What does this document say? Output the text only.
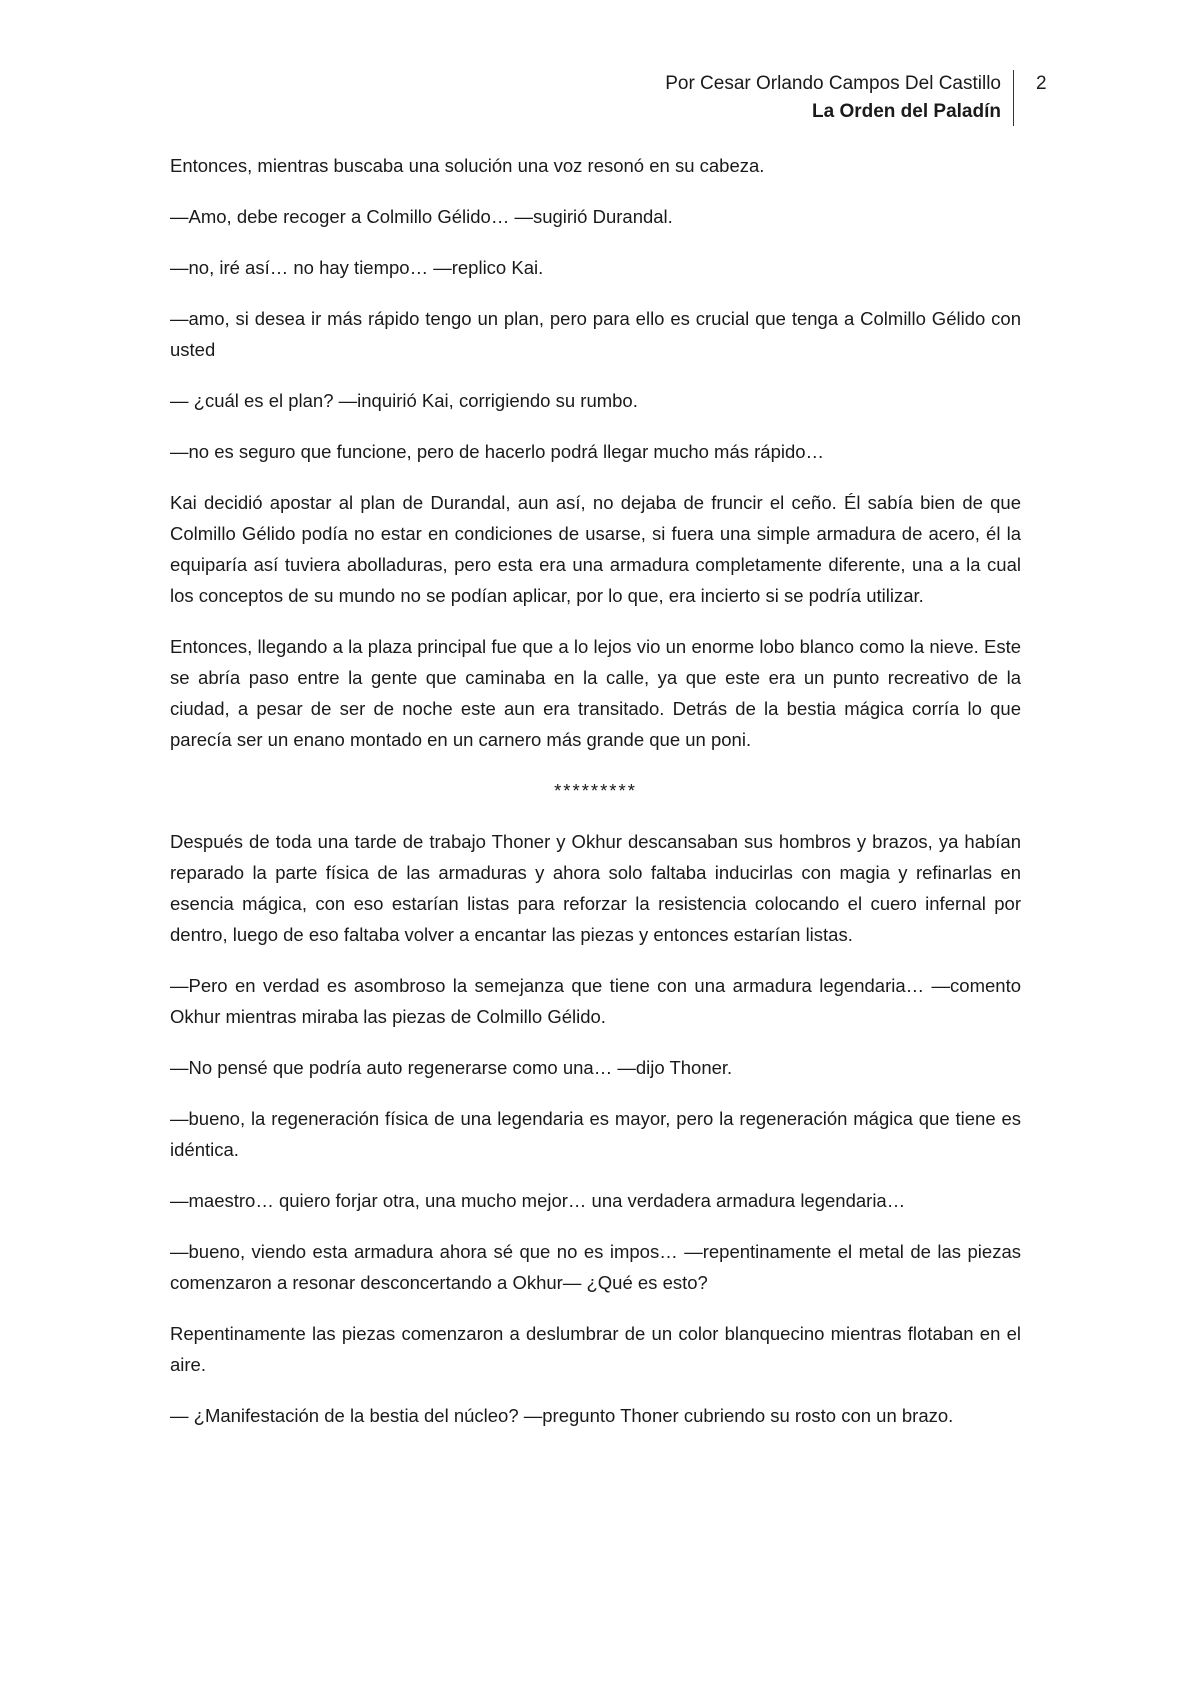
Por Cesar Orlando Campos Del Castillo
La Orden del Paladín
2

Entonces, mientras buscaba una solución una voz resonó en su cabeza.

—Amo, debe recoger a Colmillo Gélido… —sugirió Durandal.

—no, iré así… no hay tiempo… —replico Kai.

—amo, si desea ir más rápido tengo un plan, pero para ello es crucial que tenga a Colmillo Gélido con usted

— ¿cuál es el plan? —inquirió Kai, corrigiendo su rumbo.

—no es seguro que funcione, pero de hacerlo podrá llegar mucho más rápido…

Kai decidió apostar al plan de Durandal, aun así, no dejaba de fruncir el ceño. Él sabía bien de que Colmillo Gélido podía no estar en condiciones de usarse, si fuera una simple armadura de acero, él la equiparía así tuviera abolladuras, pero esta era una armadura completamente diferente, una a la cual los conceptos de su mundo no se podían aplicar, por lo que, era incierto si se podría utilizar.

Entonces, llegando a la plaza principal fue que a lo lejos vio un enorme lobo blanco como la nieve. Este se abría paso entre la gente que caminaba en la calle, ya que este era un punto recreativo de la ciudad, a pesar de ser de noche este aun era transitado. Detrás de la bestia mágica corría lo que parecía ser un enano montado en un carnero más grande que un poni.

*********

Después de toda una tarde de trabajo Thoner y Okhur descansaban sus hombros y brazos, ya habían reparado la parte física de las armaduras y ahora solo faltaba inducirlas con magia y refinarlas en esencia mágica, con eso estarían listas para reforzar la resistencia colocando el cuero infernal por dentro, luego de eso faltaba volver a encantar las piezas y entonces estarían listas.

—Pero en verdad es asombroso la semejanza que tiene con una armadura legendaria… —comento Okhur mientras miraba las piezas de Colmillo Gélido.

—No pensé que podría auto regenerarse como una… —dijo Thoner.

—bueno, la regeneración física de una legendaria es mayor, pero la regeneración mágica que tiene es idéntica.

—maestro… quiero forjar otra, una mucho mejor… una verdadera armadura legendaria…

—bueno, viendo esta armadura ahora sé que no es impos… —repentinamente el metal de las piezas comenzaron a resonar desconcertando a Okhur— ¿Qué es esto?

Repentinamente las piezas comenzaron a deslumbrar de un color blanquecino mientras flotaban en el aire.

— ¿Manifestación de la bestia del núcleo? —pregunto Thoner cubriendo su rosto con un brazo.
